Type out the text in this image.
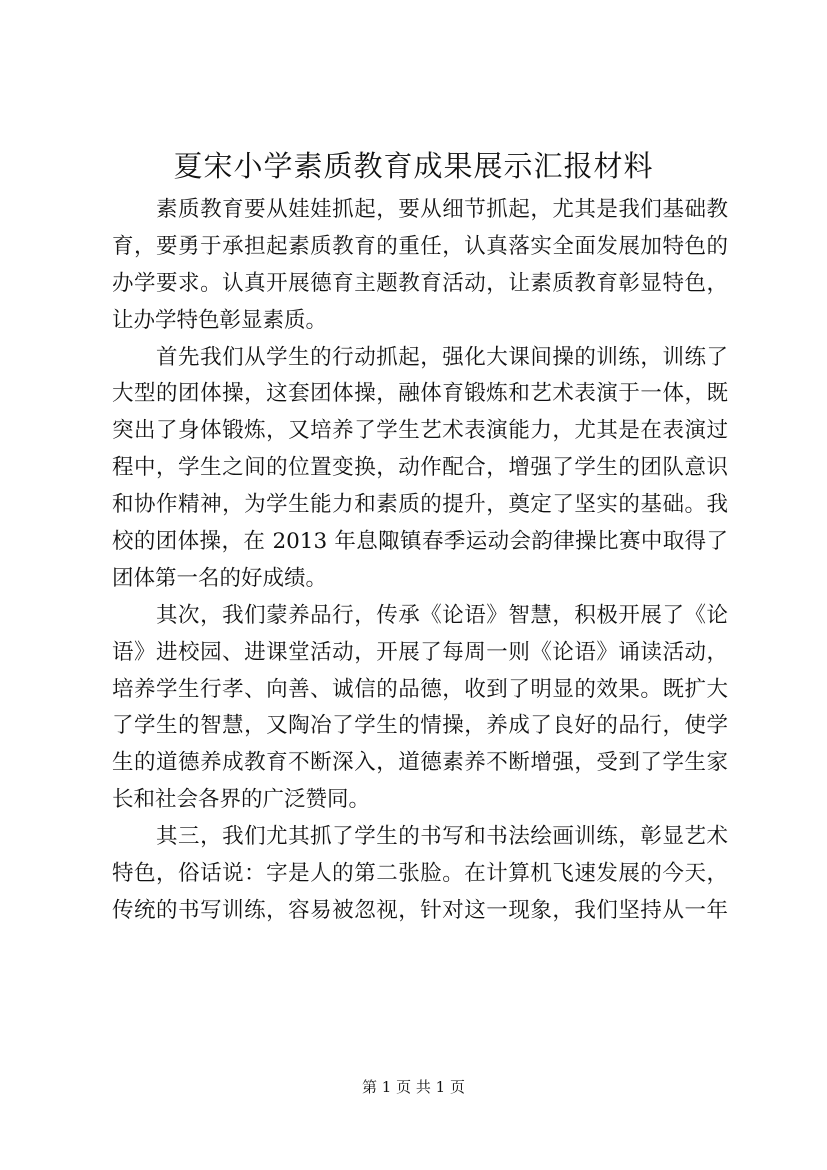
夏宋小学素质教育成果展示汇报材料
　　素质教育要从娃娃抓起，要从细节抓起，尤其是我们基础教
育，要勇于承担起素质教育的重任，认真落实全面发展加特色的
办学要求。认真开展德育主题教育活动，让素质教育彰显特色，
让办学特色彰显素质。
　　首先我们从学生的行动抓起，强化大课间操的训练，训练了
大型的团体操，这套团体操，融体育锻炼和艺术表演于一体，既
突出了身体锻炼，又培养了学生艺术表演能力，尤其是在表演过
程中，学生之间的位置变换，动作配合，增强了学生的团队意识
和协作精神，为学生能力和素质的提升，奠定了坚实的基础。我
校的团体操，在 2013 年息陬镇春季运动会韵律操比赛中取得了
团体第一名的好成绩。
　　其次，我们蒙养品行，传承《论语》智慧，积极开展了《论
语》进校园、进课堂活动，开展了每周一则《论语》诵读活动，
培养学生行孝、向善、诚信的品德，收到了明显的效果。既扩大
了学生的智慧，又陶冶了学生的情操，养成了良好的品行，使学
生的道德养成教育不断深入，道德素养不断增强，受到了学生家
长和社会各界的广泛赞同。
　　其三，我们尤其抓了学生的书写和书法绘画训练，彰显艺术
特色，俗话说：字是人的第二张脸。在计算机飞速发展的今天，
传统的书写训练，容易被忽视，针对这一现象，我们坚持从一年
第 1 页 共 1 页
